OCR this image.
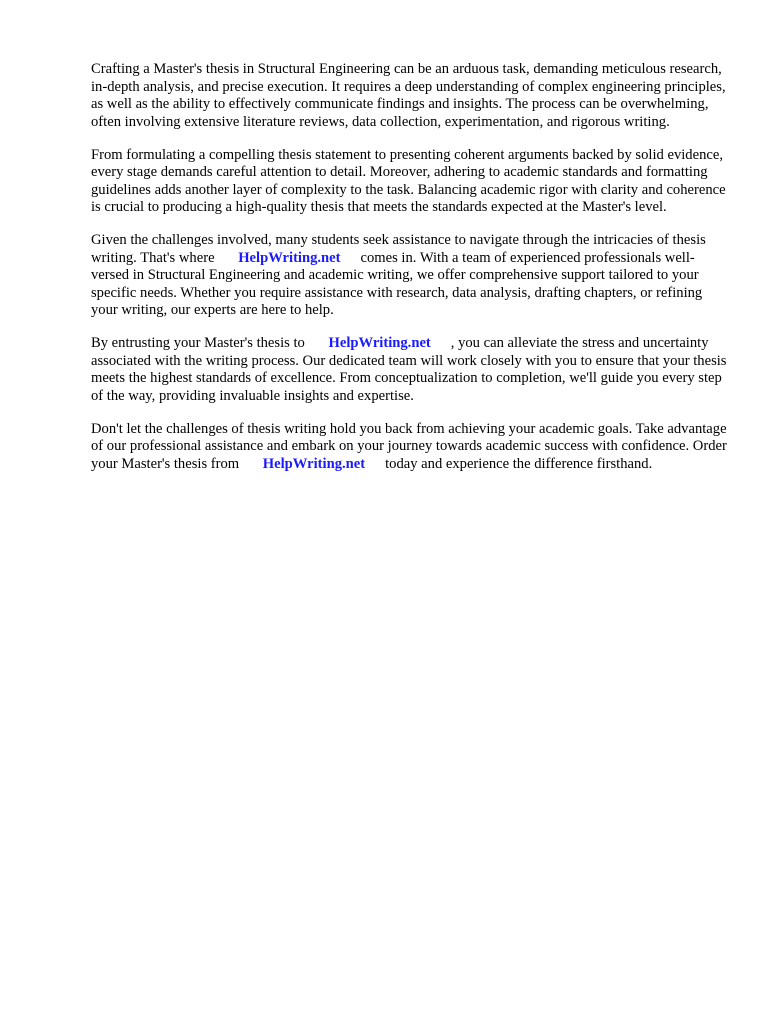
Crafting a Master's thesis in Structural Engineering can be an arduous task, demanding meticulous research, in-depth analysis, and precise execution. It requires a deep understanding of complex engineering principles, as well as the ability to effectively communicate findings and insights. The process can be overwhelming, often involving extensive literature reviews, data collection, experimentation, and rigorous writing.

From formulating a compelling thesis statement to presenting coherent arguments backed by solid evidence, every stage demands careful attention to detail. Moreover, adhering to academic standards and formatting guidelines adds another layer of complexity to the task. Balancing academic rigor with clarity and coherence is crucial to producing a high-quality thesis that meets the standards expected at the Master's level.

Given the challenges involved, many students seek assistance to navigate through the intricacies of thesis writing. That's where HelpWriting.net comes in. With a team of experienced professionals well-versed in Structural Engineering and academic writing, we offer comprehensive support tailored to your specific needs. Whether you require assistance with research, data analysis, drafting chapters, or refining your writing, our experts are here to help.

By entrusting your Master's thesis to HelpWriting.net , you can alleviate the stress and uncertainty associated with the writing process. Our dedicated team will work closely with you to ensure that your thesis meets the highest standards of excellence. From conceptualization to completion, we'll guide you every step of the way, providing invaluable insights and expertise.

Don't let the challenges of thesis writing hold you back from achieving your academic goals. Take advantage of our professional assistance and embark on your journey towards academic success with confidence. Order your Master's thesis from HelpWriting.net today and experience the difference firsthand.
